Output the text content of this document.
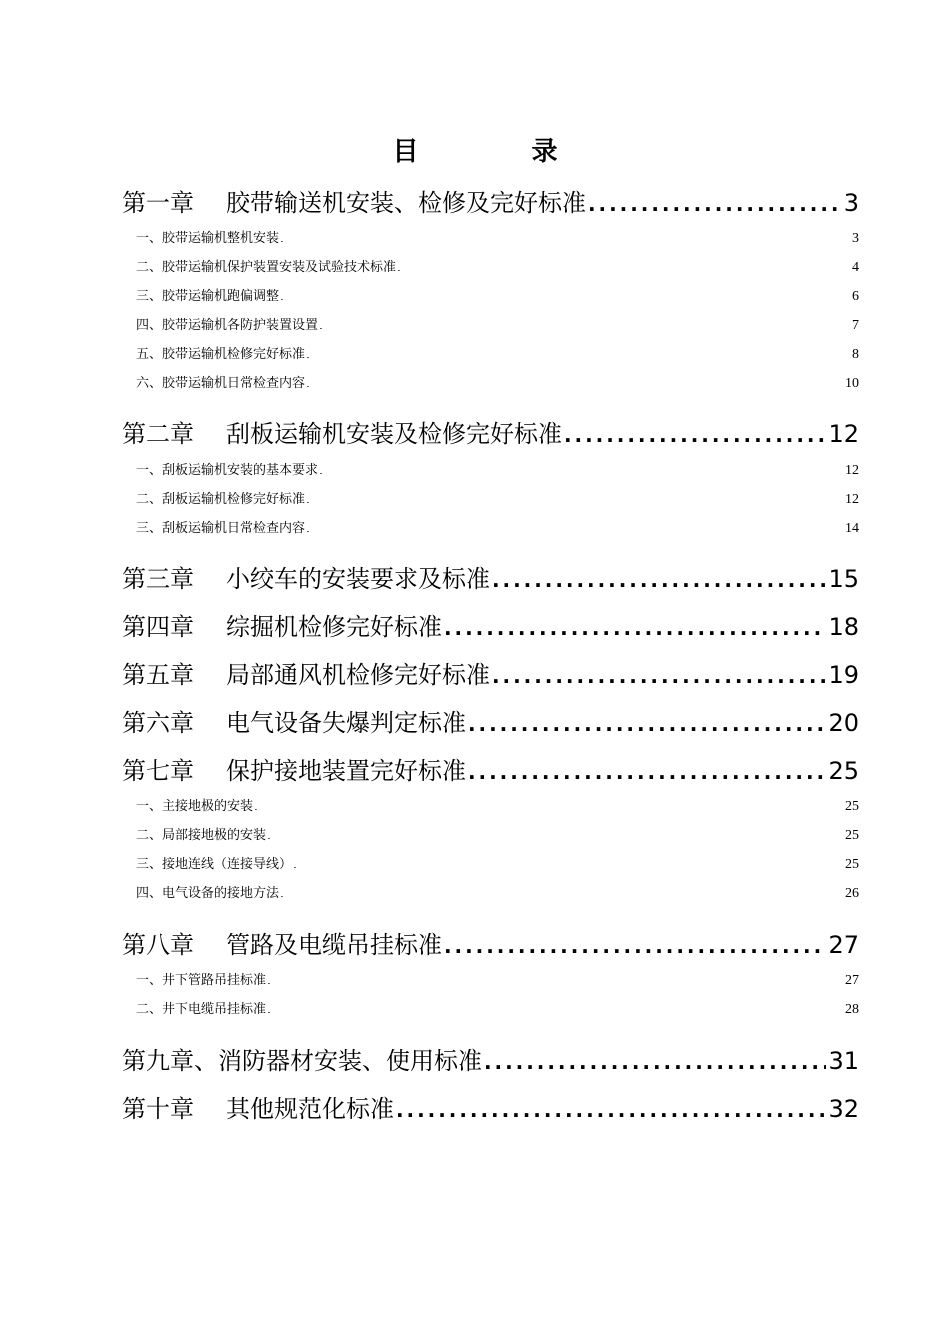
目 录
第一章 胶带输送机安装、检修及完好标准 . . .	3
一、胶带运输机整机安装 . . .	3
二、胶带运输机保护装置安装及试验技术标准 . . .	4
三、胶带运输机跑偏调整 . . .	6
四、胶带运输机各防护装置设置 . . .	7
五、胶带运输机检修完好标准 . . .	8
六、胶带运输机日常检查内容 . . .	10
第二章 刮板运输机安装及检修完好标准 . . .	12
一、刮板运输机安装的基本要求 . . .	12
二、刮板运输机检修完好标准 . . .	12
三、刮板运输机日常检查内容 . . .	14
第三章 小绞车的安装要求及标准 . . .	15
第四章 综掘机检修完好标准 . . .	18
第五章 局部通风机检修完好标准 . . .	19
第六章 电气设备失爆判定标准 . . .	20
第七章 保护接地装置完好标准 . . .	25
一、主接地极的安装 . . .	25
二、局部接地极的安装 . . .	25
三、接地连线（连接导线） . . .	25
四、电气设备的接地方法 . . .	26
第八章 管路及电缆吊挂标准 . . .	27
一、井下管路吊挂标准 . . .	27
二、井下电缆吊挂标准 . . .	28
第九章、消防器材安装、使用标准 . . .	31
第十章 其他规范化标准 . . .	32
